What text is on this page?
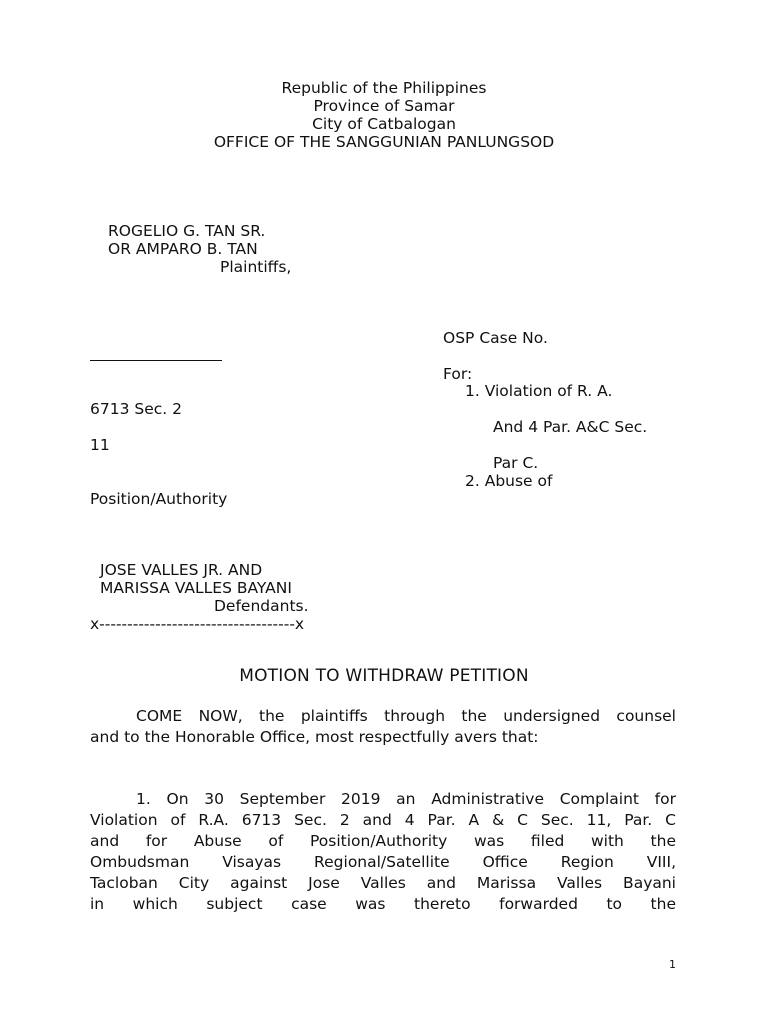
Republic of the Philippines
Province of Samar
City of Catbalogan
OFFICE OF THE SANGGUNIAN PANLUNGSOD
ROGELIO G. TAN SR.
OR AMPARO B. TAN
Plaintiffs,
OSP Case No.
For:
1. Violation of R. A.
6713 Sec. 2
And 4 Par. A&C Sec.
11
Par C.
2. Abuse of
Position/Authority
JOSE VALLES JR. AND
MARISSA VALLES BAYANI
Defendants.
x-----------------------------------x
MOTION TO WITHDRAW PETITION
COME NOW, the plaintiffs through the undersigned counsel
and to the Honorable Office, most respectfully avers that:
1. On 30 September 2019 an Administrative Complaint for
Violation of R.A. 6713 Sec. 2 and 4 Par. A & C Sec. 11, Par. C
and for Abuse of Position/Authority was filed with the
Ombudsman Visayas Regional/Satellite Office Region VIII,
Tacloban City against Jose Valles and Marissa Valles Bayani
in which subject case was thereto forwarded to the
1
